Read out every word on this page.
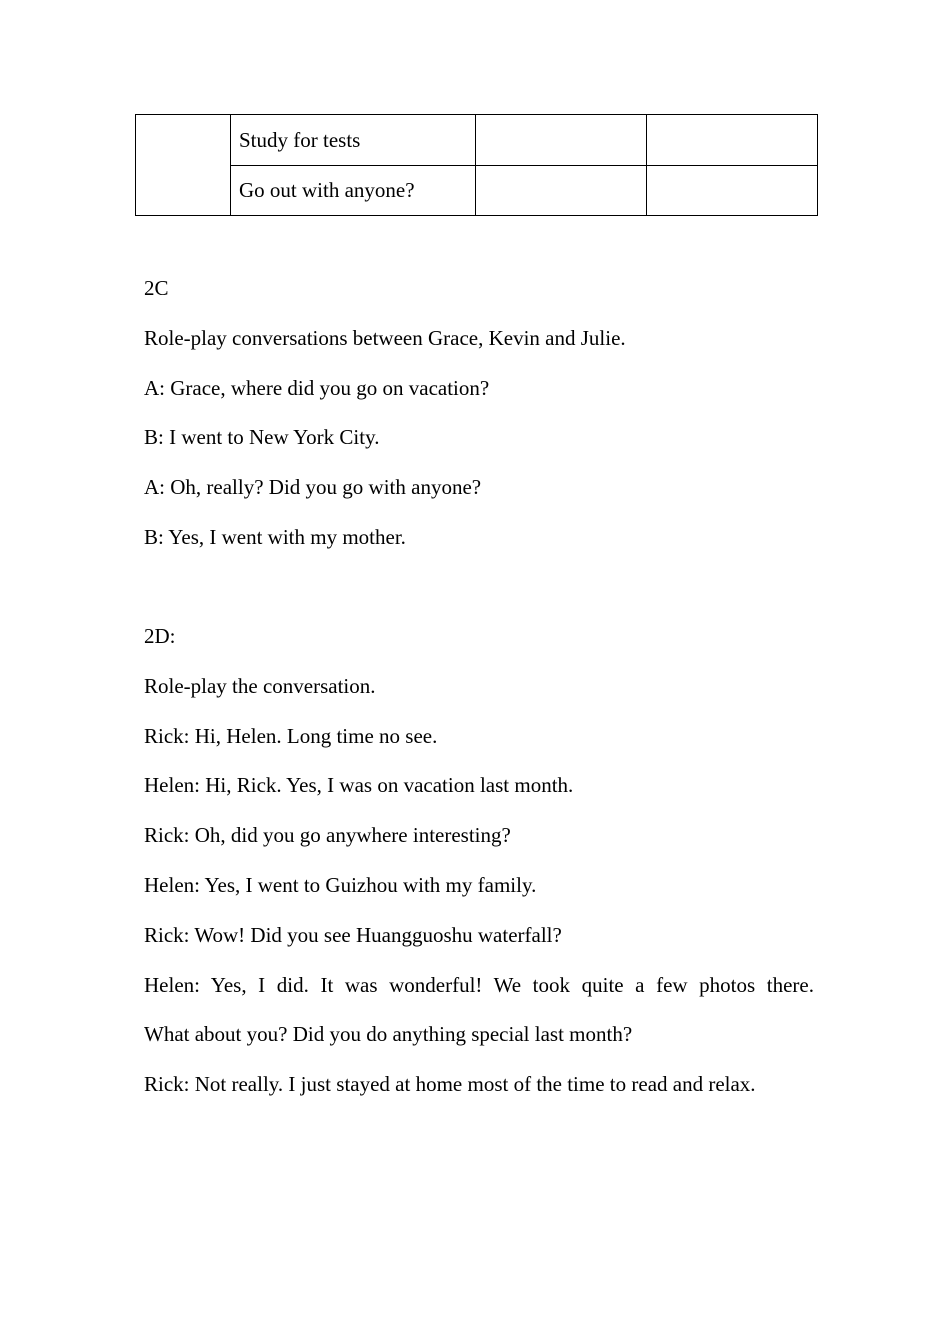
	Study for tests		
	Go out with anyone?		
2C
Role-play conversations between Grace, Kevin and Julie.
A: Grace, where did you go on vacation?
B: I went to New York City.
A: Oh, really? Did you go with anyone?
B: Yes, I went with my mother.
2D:
Role-play the conversation.
Rick: Hi, Helen. Long time no see.
Helen: Hi, Rick. Yes, I was on vacation last month.
Rick: Oh, did you go anywhere interesting?
Helen: Yes, I went to Guizhou with my family.
Rick: Wow! Did you see Huangguoshu waterfall?
Helen: Yes, I did. It was wonderful! We took quite a few photos there.
What about you? Did you do anything special last month?
Rick: Not really. I just stayed at home most of the time to read and relax.
